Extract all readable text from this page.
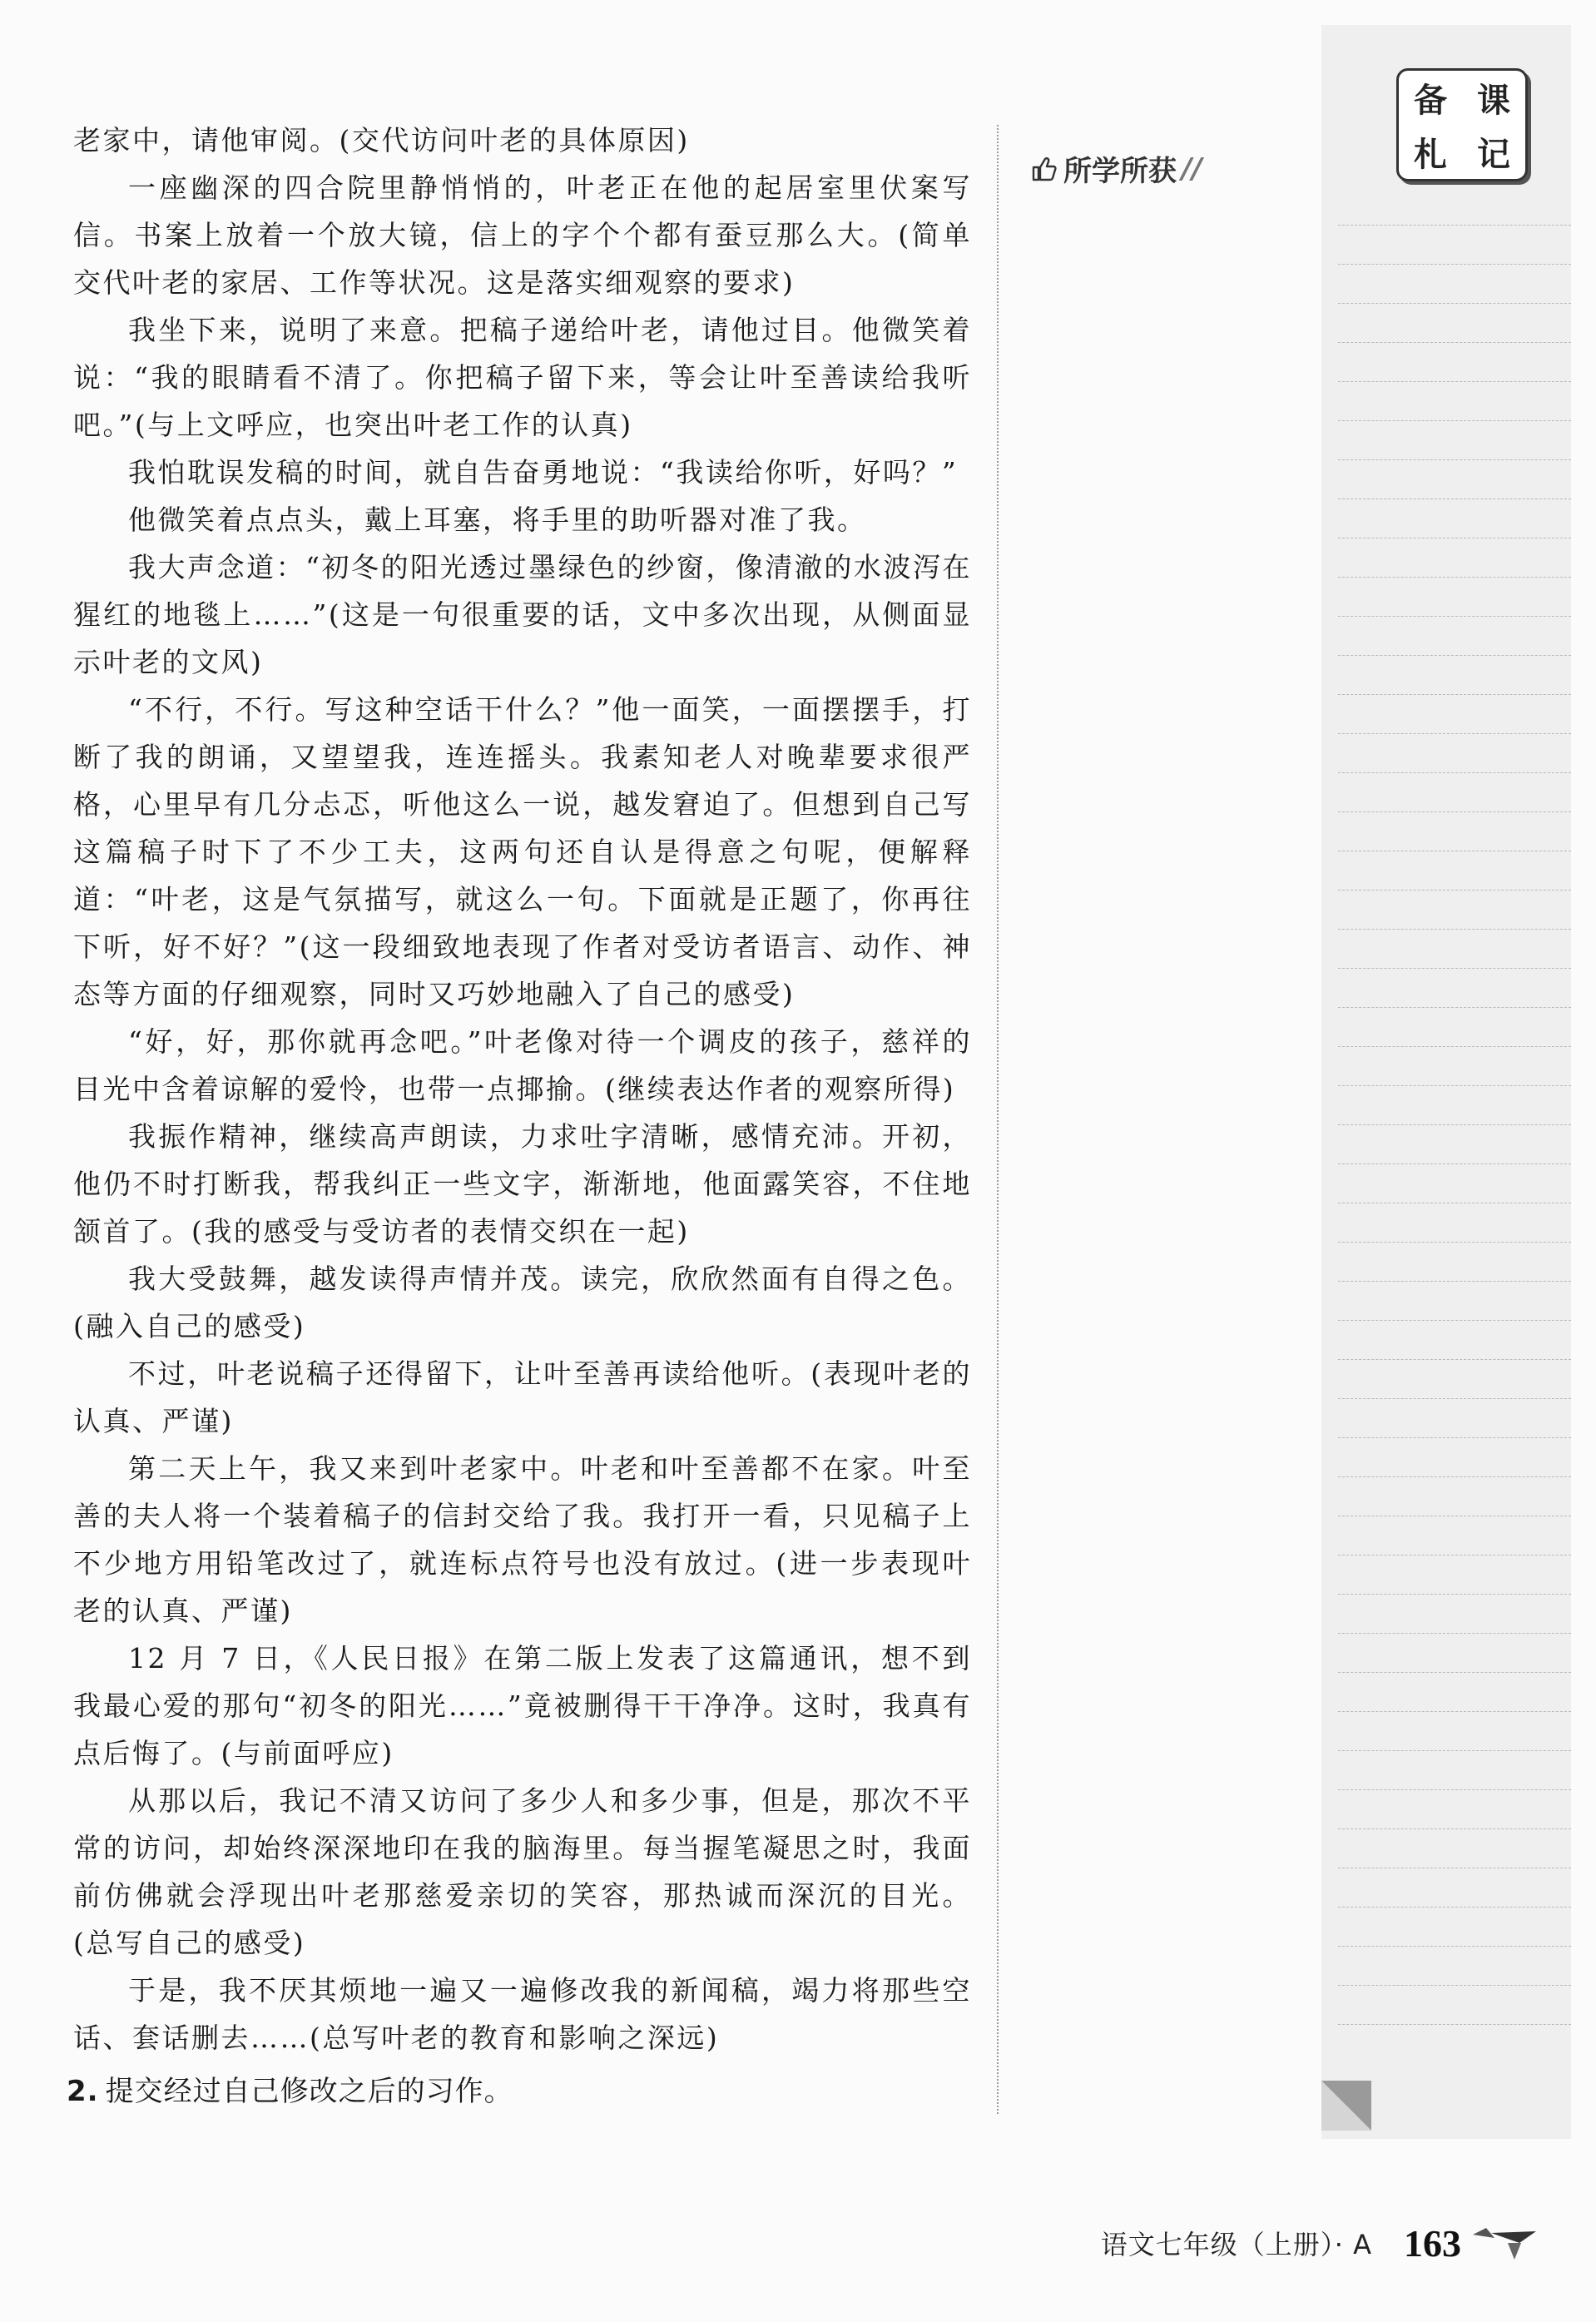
老家中，请他审阅。(交代访问叶老的具体原因)

一座幽深的四合院里静悄悄的，叶老正在他的起居室里伏案写信。书案上放着一个放大镜，信上的字个个都有蚕豆那么大。(简单交代叶老的家居、工作等状况。这是落实细观察的要求)

我坐下来，说明了来意。把稿子递给叶老，请他过目。他微笑着说：“我的眼睛看不清了。你把稿子留下来，等会让叶至善读给我听吧。”(与上文呼应，也突出叶老工作的认真)

我怕耽误发稿的时间，就自告奋勇地说：“我读给你听，好吗？”

他微笑着点点头，戴上耳塞，将手里的助听器对准了我。

我大声念道：“初冬的阳光透过墨绿色的纱窗，像清澈的水波泻在猩红的地毯上……”(这是一句很重要的话，文中多次出现，从侧面显示叶老的文风)

“不行，不行。写这种空话干什么？”他一面笑，一面摆摆手，打断了我的朗诵，又望望我，连连摇头。我素知老人对晚辈要求很严格，心里早有几分忐忑，听他这么一说，越发窘迫了。但想到自己写这篇稿子时下了不少工夫，这两句还自认是得意之句呢，便解释道：“叶老，这是气氛描写，就这么一句。下面就是正题了，你再往下听，好不好？”(这一段细致地表现了作者对受访者语言、动作、神态等方面的仔细观察，同时又巧妙地融入了自己的感受)

“好，好，那你就再念吧。”叶老像对待一个调皮的孩子，慈祥的目光中含着谅解的爱怜，也带一点揶揄。(继续表达作者的观察所得)

我振作精神，继续高声朗读，力求吐字清晰，感情充沛。开初，他仍不时打断我，帮我纠正一些文字，渐渐地，他面露笑容，不住地颔首了。(我的感受与受访者的表情交织在一起)

我大受鼓舞，越发读得声情并茂。读完，欣欣然面有自得之色。(融入自己的感受)

不过，叶老说稿子还得留下，让叶至善再读给他听。(表现叶老的认真、严谨)

第二天上午，我又来到叶老家中。叶老和叶至善都不在家。叶至善的夫人将一个装着稿子的信封交给了我。我打开一看，只见稿子上不少地方用铅笔改过了，就连标点符号也没有放过。(进一步表现叶老的认真、严谨)

12 月 7 日，《人民日报》在第二版上发表了这篇通讯，想不到我最心爱的那句“初冬的阳光……”竟被删得干干净净。这时，我真有点后悔了。(与前面呼应)

从那以后，我记不清又访问了多少人和多少事，但是，那次不平常的访问，却始终深深地印在我的脑海里。每当握笔凝思之时，我面前仿佛就会浮现出叶老那慈爱亲切的笑容，那热诚而深沉的目光。(总写自己的感受)

于是，我不厌其烦地一遍又一遍修改我的新闻稿，竭力将那些空话、套话删去……(总写叶老的教育和影响之深远)

2. 提交经过自己修改之后的习作。
备 课
札 记
所学所获 //
语文七年级（上册）· A 163
